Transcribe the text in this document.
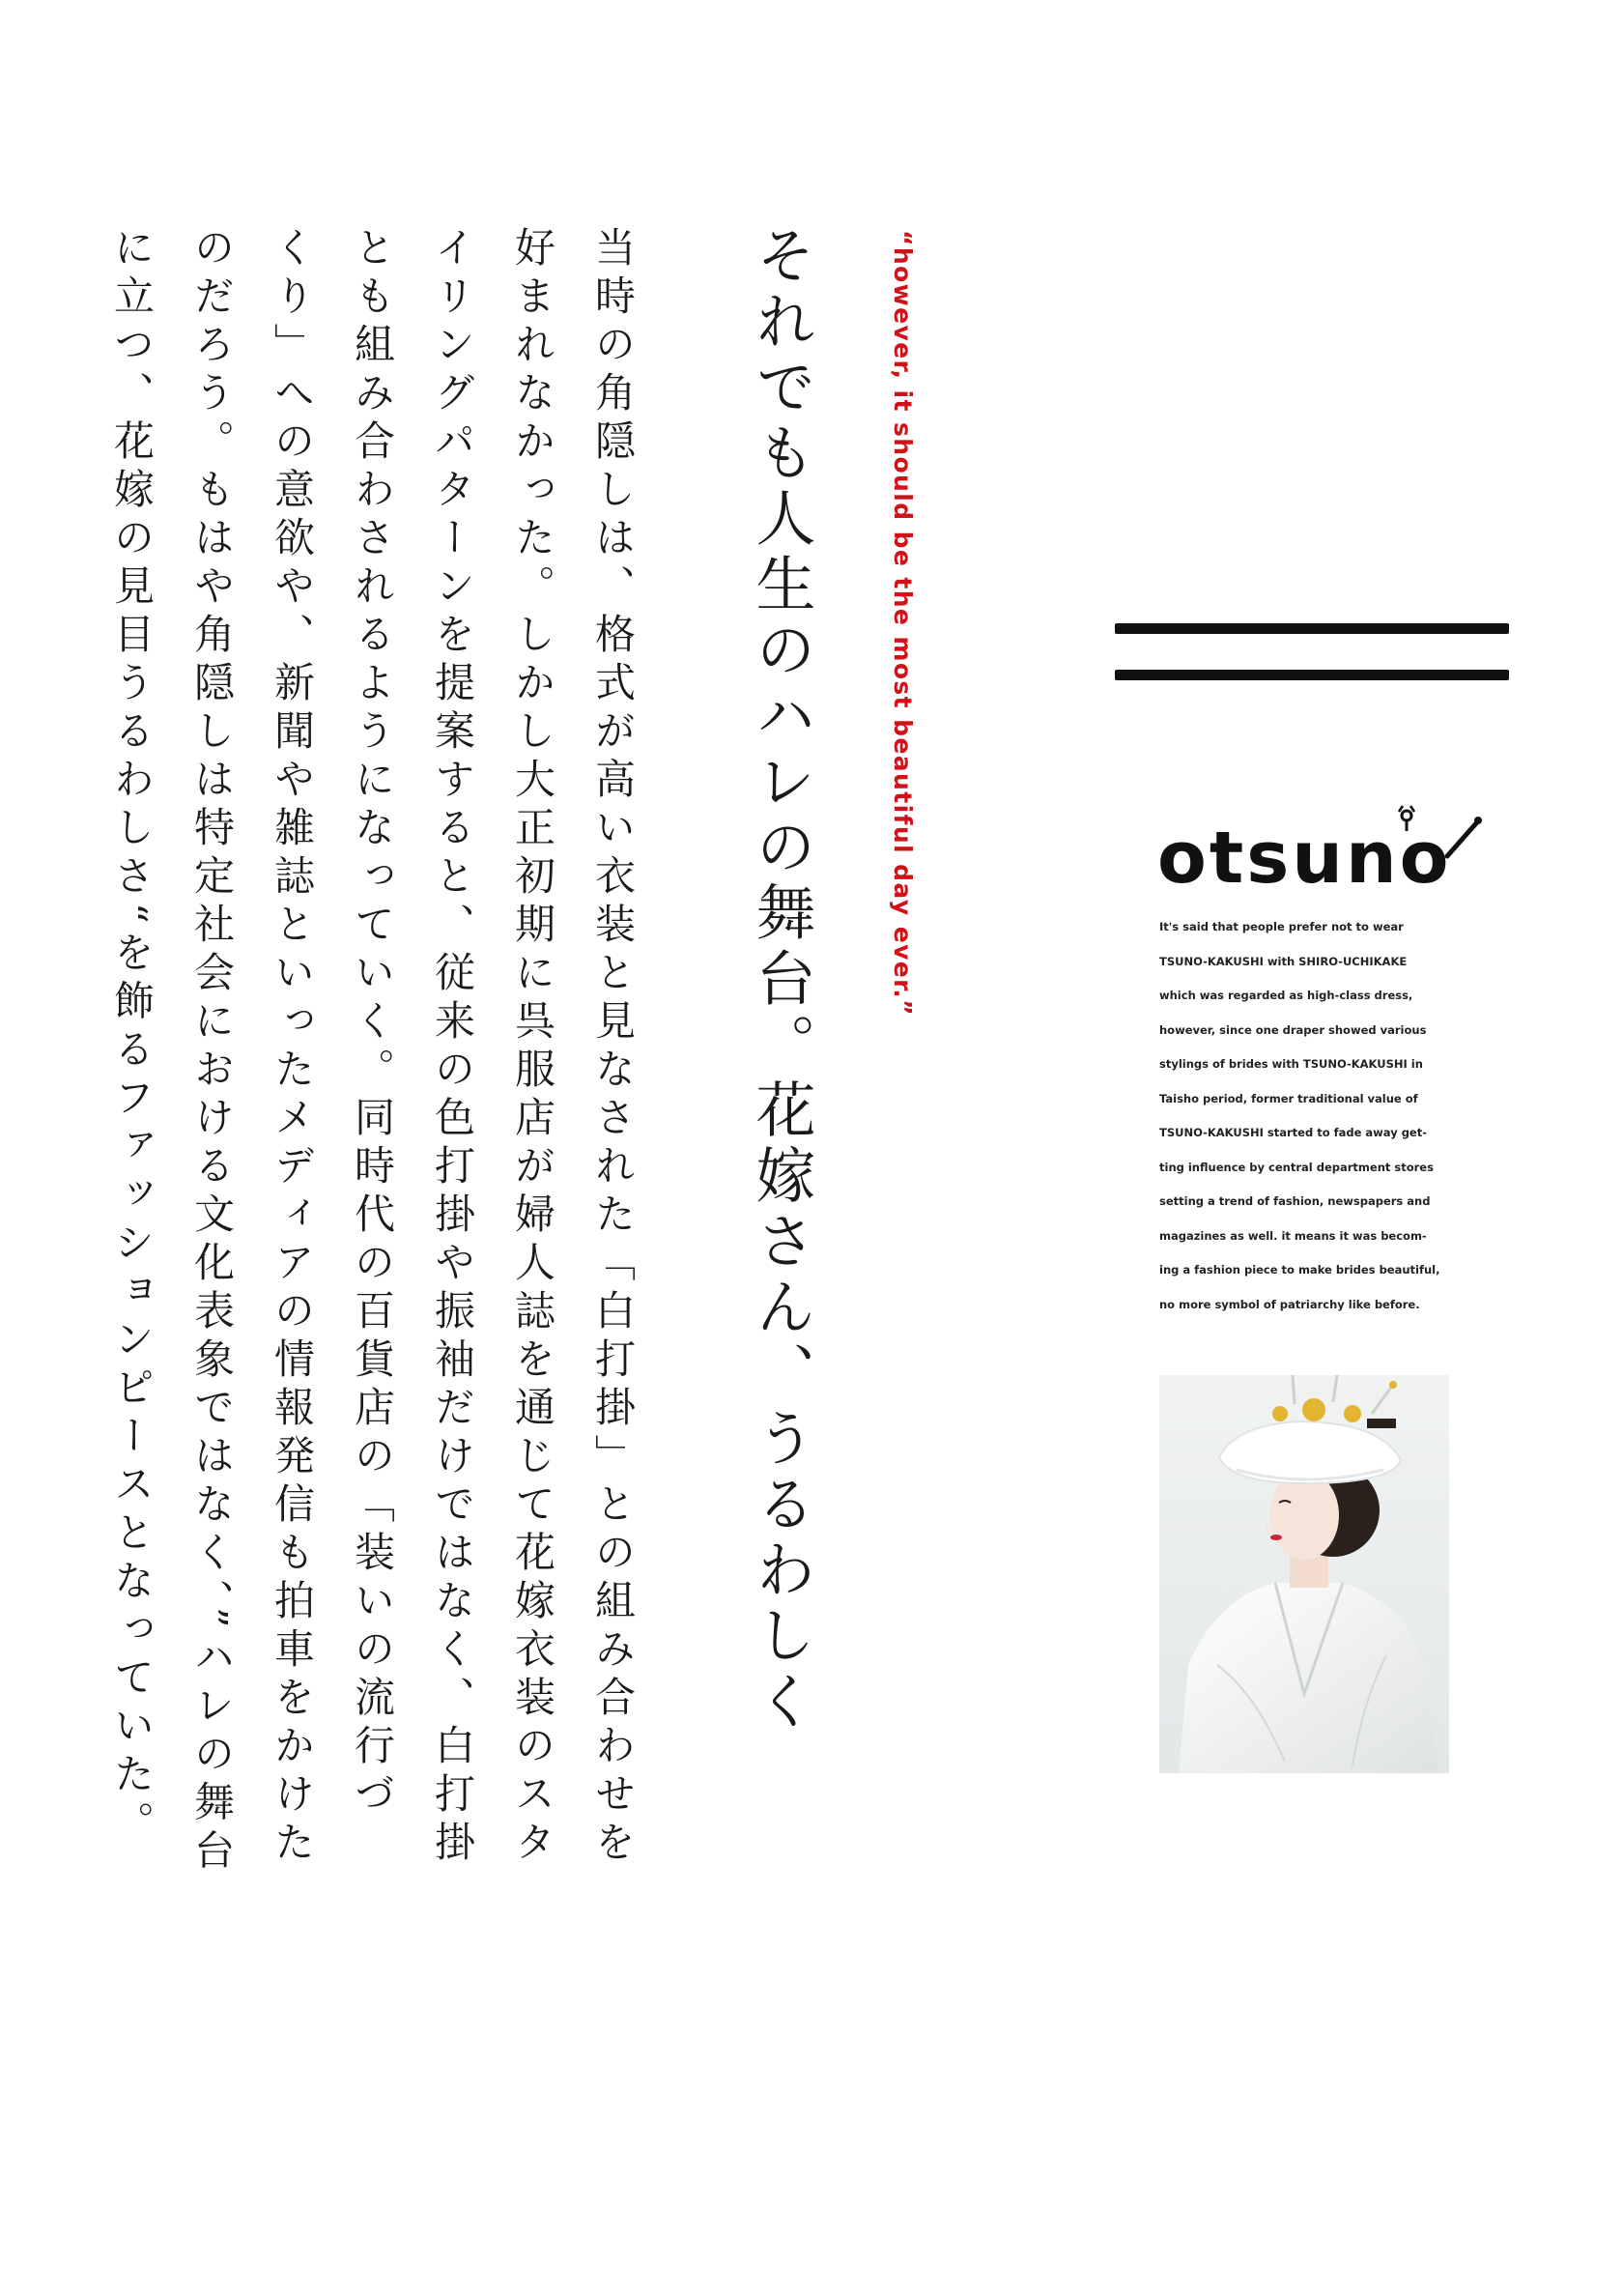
“however, it should be the most beautiful day ever.”
それでも人生のハレの舞台。花嫁さん、うるわしく
当時の角隠しは、格式が高い衣装と見なされた「白打掛」との組み合わせを
好まれなかった。しかし大正初期に呉服店が婦人誌を通じて花嫁衣装のスタ
イリングパターンを提案すると、従来の色打掛や振袖だけではなく、白打掛
とも組み合わされるようになっていく。同時代の百貨店の「装いの流行づ
くり」への意欲や、新聞や雑誌といったメディアの情報発信も拍車をかけた
のだろう。もはや角隠しは特定社会における文化表象ではなく、”ハレの舞台
に立つ、花嫁の見目うるわしさ“を飾るファッションピースとなっていた。	otsuno
It's said that people prefer not to wear
TSUNO-KAKUSHI with SHIRO-UCHIKAKE
which was regarded as high-class dress,
however, since one draper showed various
stylings of brides with TSUNO-KAKUSHI in
Taisho period, former traditional value of
TSUNO-KAKUSHI started to fade away get-
ting influence by central department stores
setting a trend of fashion, newspapers and
magazines as well. it means it was becom-
ing a fashion piece to make brides beautiful,
no more symbol of patriarchy like before.
